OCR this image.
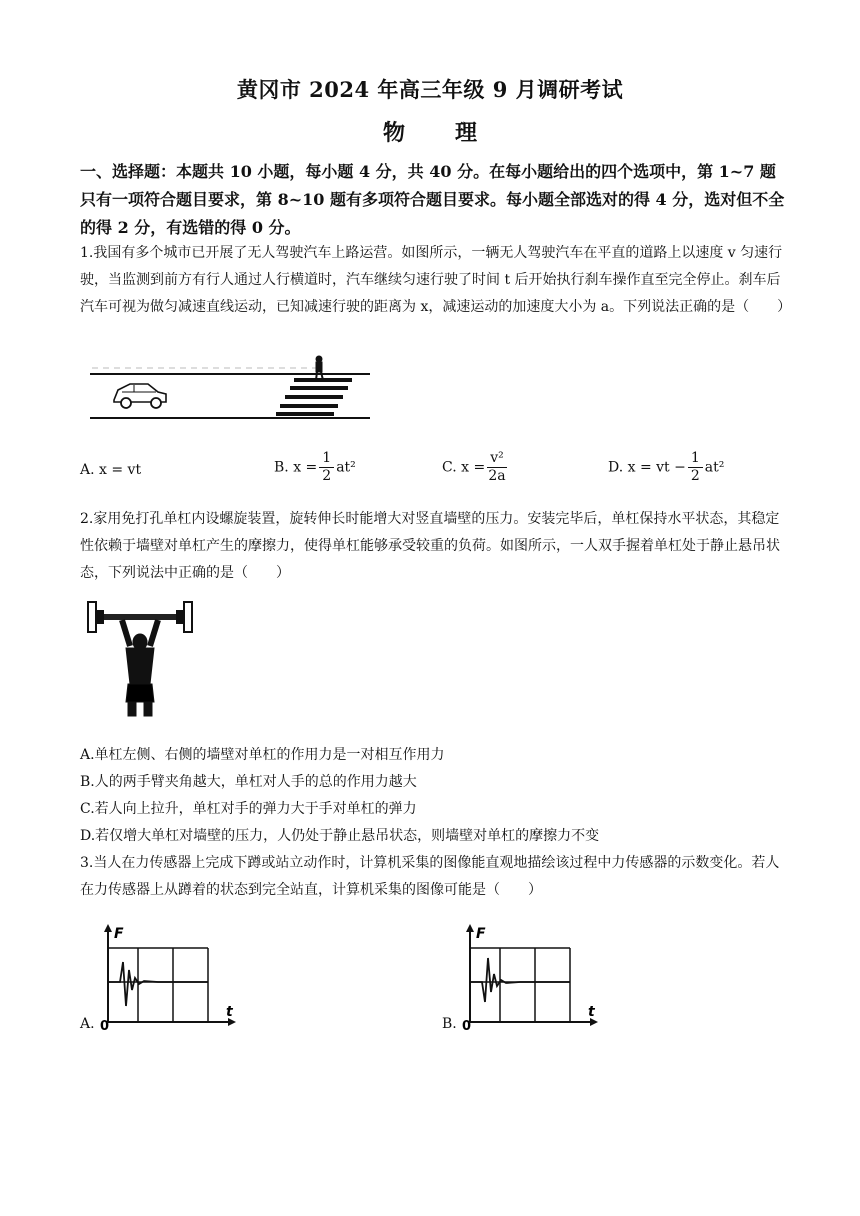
黄冈市 2024 年高三年级 9 月调研考试
物　理
一、选择题：本题共 10 小题，每小题 4 分，共 40 分。在每小题给出的四个选项中，第 1~7 题只有一项符合题目要求，第 8~10 题有多项符合题目要求。每小题全部选对的得 4 分，选对但不全的得 2 分，有选错的得 0 分。
1.我国有多个城市已开展了无人驾驶汽车上路运营。如图所示，一辆无人驾驶汽车在平直的道路上以速度 v 匀速行驶，当监测到前方有行人通过人行横道时，汽车继续匀速行驶了时间 t 后开始执行刹车操作直至完全停止。刹车后汽车可视为做匀减速直线运动，已知减速行驶的距离为 x，减速运动的加速度大小为 a。下列说法正确的是（　　）
A. x = vt	B. $x = \frac{1}{2} at^2$	C. $x = \frac{\text{v²}}{2a}$	D. x = vt − $\frac{1}{2} at^2$
2.家用免打孔单杠内设螺旋装置，旋转伸长时能增大对竖直墙壁的压力。安装完毕后，单杠保持水平状态，其稳定性依赖于墙壁对单杠产生的摩擦力，使得单杠能够承受较重的负荷。如图所示，一人双手握着单杠处于静止悬吊状态，下列说法中正确的是（　　）
A.单杠左侧、右侧的墙壁对单杠的作用力是一对相互作用力
B.人的两手臂夹角越大，单杠对人手的总的作用力越大
C.若人向上拉升，单杠对手的弹力大于手对单杠的弹力
D.若仅增大单杠对墙壁的压力，人仍处于静止悬吊状态，则墙壁对单杠的摩擦力不变
3.当人在力传感器上完成下蹲或站立动作时，计算机采集的图像能直观地描绘该过程中力传感器的示数变化。若人在力传感器上从蹲着的状态到完全站直，计算机采集的图像可能是（　　）
A.
F
t
0	B.
F
t
0
